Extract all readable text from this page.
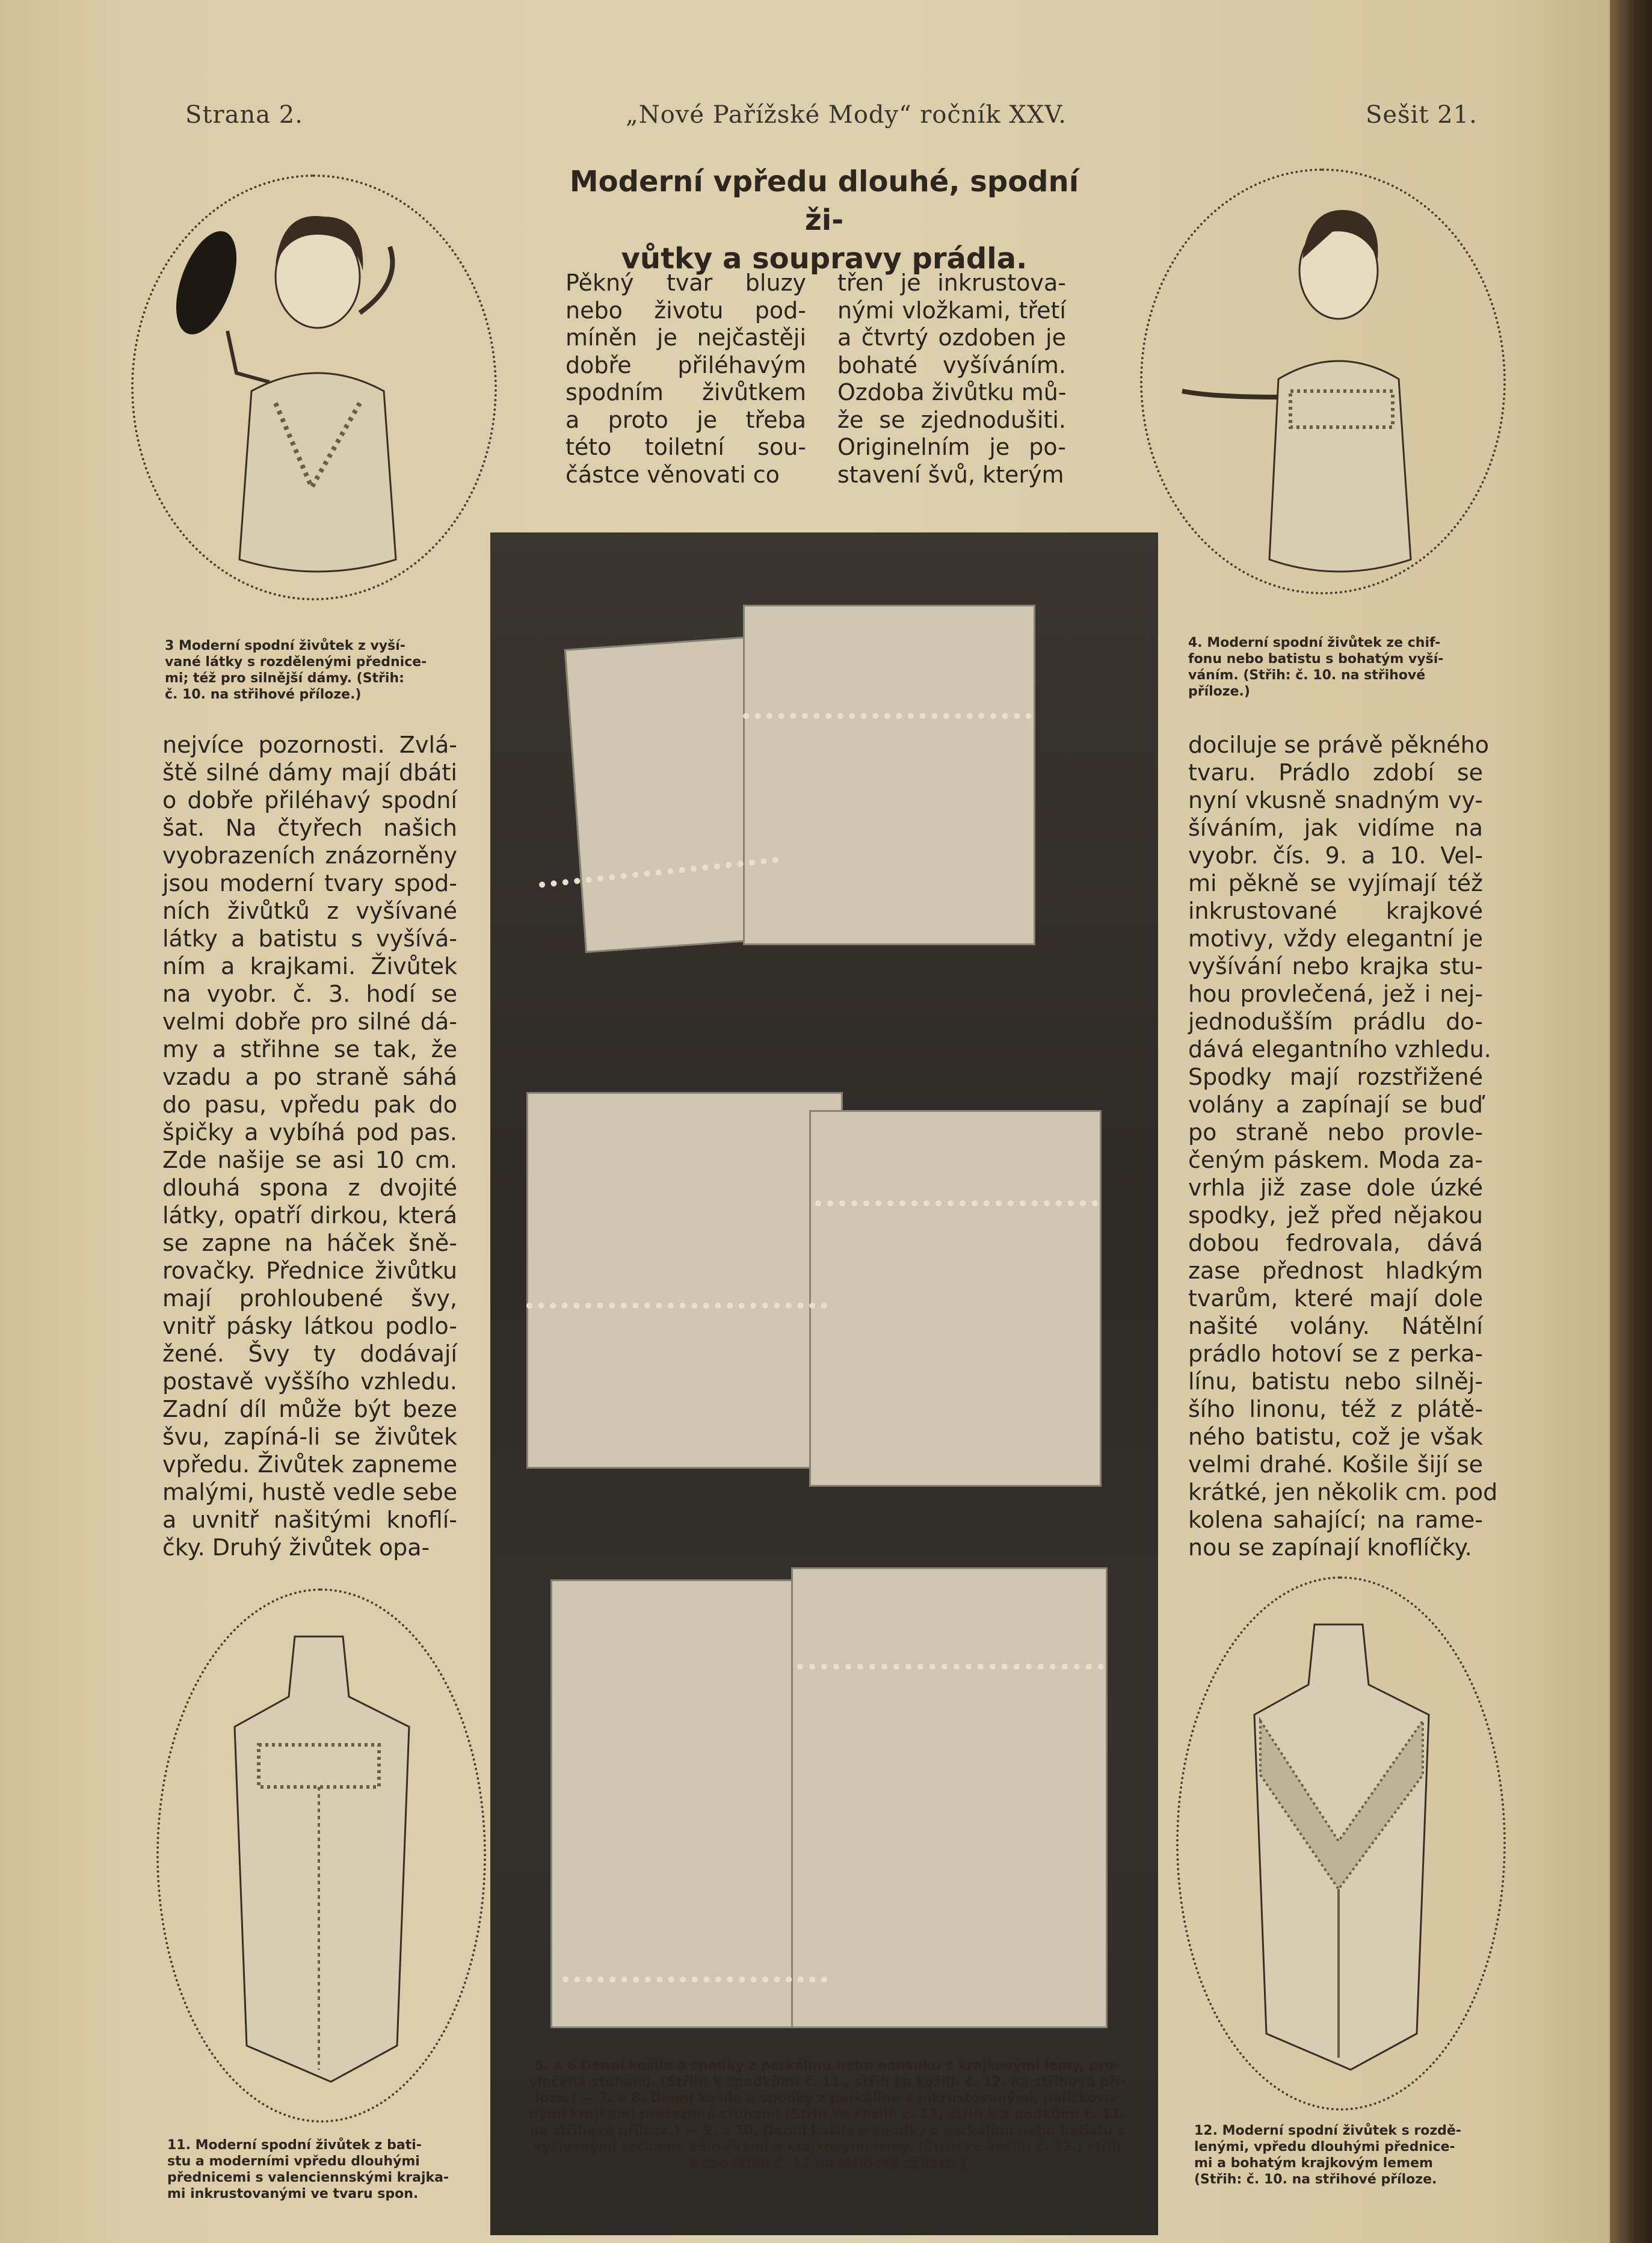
Strana 2.	„Nové Pařížské Mody“ ročník XXV.	Sešit 21.
Moderní vpředu dlouhé, spodní ži-
vůtky a soupravy prádla.
Pěkný tvar bluzy
nebo životu pod-
míněn je nejčastěji
dobře přiléhavým
spodním živůtkem
a proto je třeba
této toiletní sou-
částce věnovati co
třen je inkrustova-
nými vložkami, třetí
a čtvrtý ozdoben je
bohaté vyšíváním.
Ozdoba živůtku mů-
že se zjednodušiti.
Originelním je po-
stavení švů, kterým
nejvíce pozornosti. Zvlá-
ště silné dámy mají dbáti
o dobře přiléhavý spodní
šat. Na čtyřech našich
vyobrazeních znázorněny
jsou moderní tvary spod-
ních živůtků z vyšívané
látky a batistu s vyšívá-
ním a krajkami. Živůtek
na vyobr. č. 3. hodí se
velmi dobře pro silné dá-
my a střihne se tak, že
vzadu a po straně sáhá
do pasu, vpředu pak do
špičky a vybíhá pod pas.
Zde našije se asi 10 cm.
dlouhá spona z dvojité
látky, opatří dirkou, která
se zapne na háček šně-
rovačky. Přednice živůtku
mají prohloubené švy,
vnitř pásky látkou podlo-
žené. Švy ty dodávají
postavě vyššího vzhledu.
Zadní díl může být beze
švu, zapíná-li se živůtek
vpředu. Živůtek zapneme
malými, hustě vedle sebe
a uvnitř našitými knoflí-
čky. Druhý živůtek opa-
dociluje se právě pěkného
tvaru. Prádlo zdobí se
nyní vkusně snadným vy-
šíváním, jak vidíme na
vyobr. čís. 9. a 10. Vel-
mi pěkně se vyjímají též
inkrustované krajkové
motivy, vždy elegantní je
vyšívání nebo krajka stu-
hou provlečená, jež i nej-
jednodušším prádlu do-
dává elegantního vzhledu.
Spodky mají rozstřižené
volány a zapínají se buď
po straně nebo provle-
čeným páskem. Moda za-
vrhla již zase dole úzké
spodky, jež před nějakou
dobou fedrovala, dává
zase přednost hladkým
tvarům, které mají dole
našité volány. Nátělní
prádlo hotoví se z perka-
línu, batistu nebo silněj-
šího linonu, též z plátě-
ného batistu, což je však
velmi drahé. Košile šijí se
krátké, jen několik cm. pod
kolena sahající; na rame-
nou se zapínají knoflíčky.
3 Moderní spodní živůtek z vyší-
vané látky s rozdělenými přednice-
mi; též pro silnější dámy. (Střih:
č. 10. na střihové příloze.)
4. Moderní spodní živůtek ze chif-
fonu nebo batistu s bohatým vyší-
váním. (Střih: č. 10. na střihové
příloze.)
11. Moderní spodní živůtek z bati-
stu a moderními vpředu dlouhými
přednicemi s valenciennskými krajka-
mi inkrustovanými ve tvaru spon.
12. Moderní spodní živůtek s rozdě-
lenými, vpředu dlouhými přednice-
mi a bohatým krajkovým lemem
(Střih: č. 10. na střihové příloze.
5. a 6 Denní košile a spodky z perkálinu nebo nansuku s krajkovými lemy, pro-
vlečená stuhami. (Střih: k spodkům: č. 11., střih ke košili: č. 12. na střihové pří-
loze.) — 7. a 8. Denní košile a spodky z perkálinu s inkrustovanými, paličkova-
nými krajkami protažené stuhami (Střih ke košili: č. 12, střih k a podkům: č. 11.
na střihové příloze.) — 9. a 10. Denní košile a spodky z perkálinu nebo batistu s
vyšívanými tečkami, zálo žkami a krajkovými lemy. (Střih ke košili: č. 12.; střih
k spodkům č. 11 na střihové příloze.)
